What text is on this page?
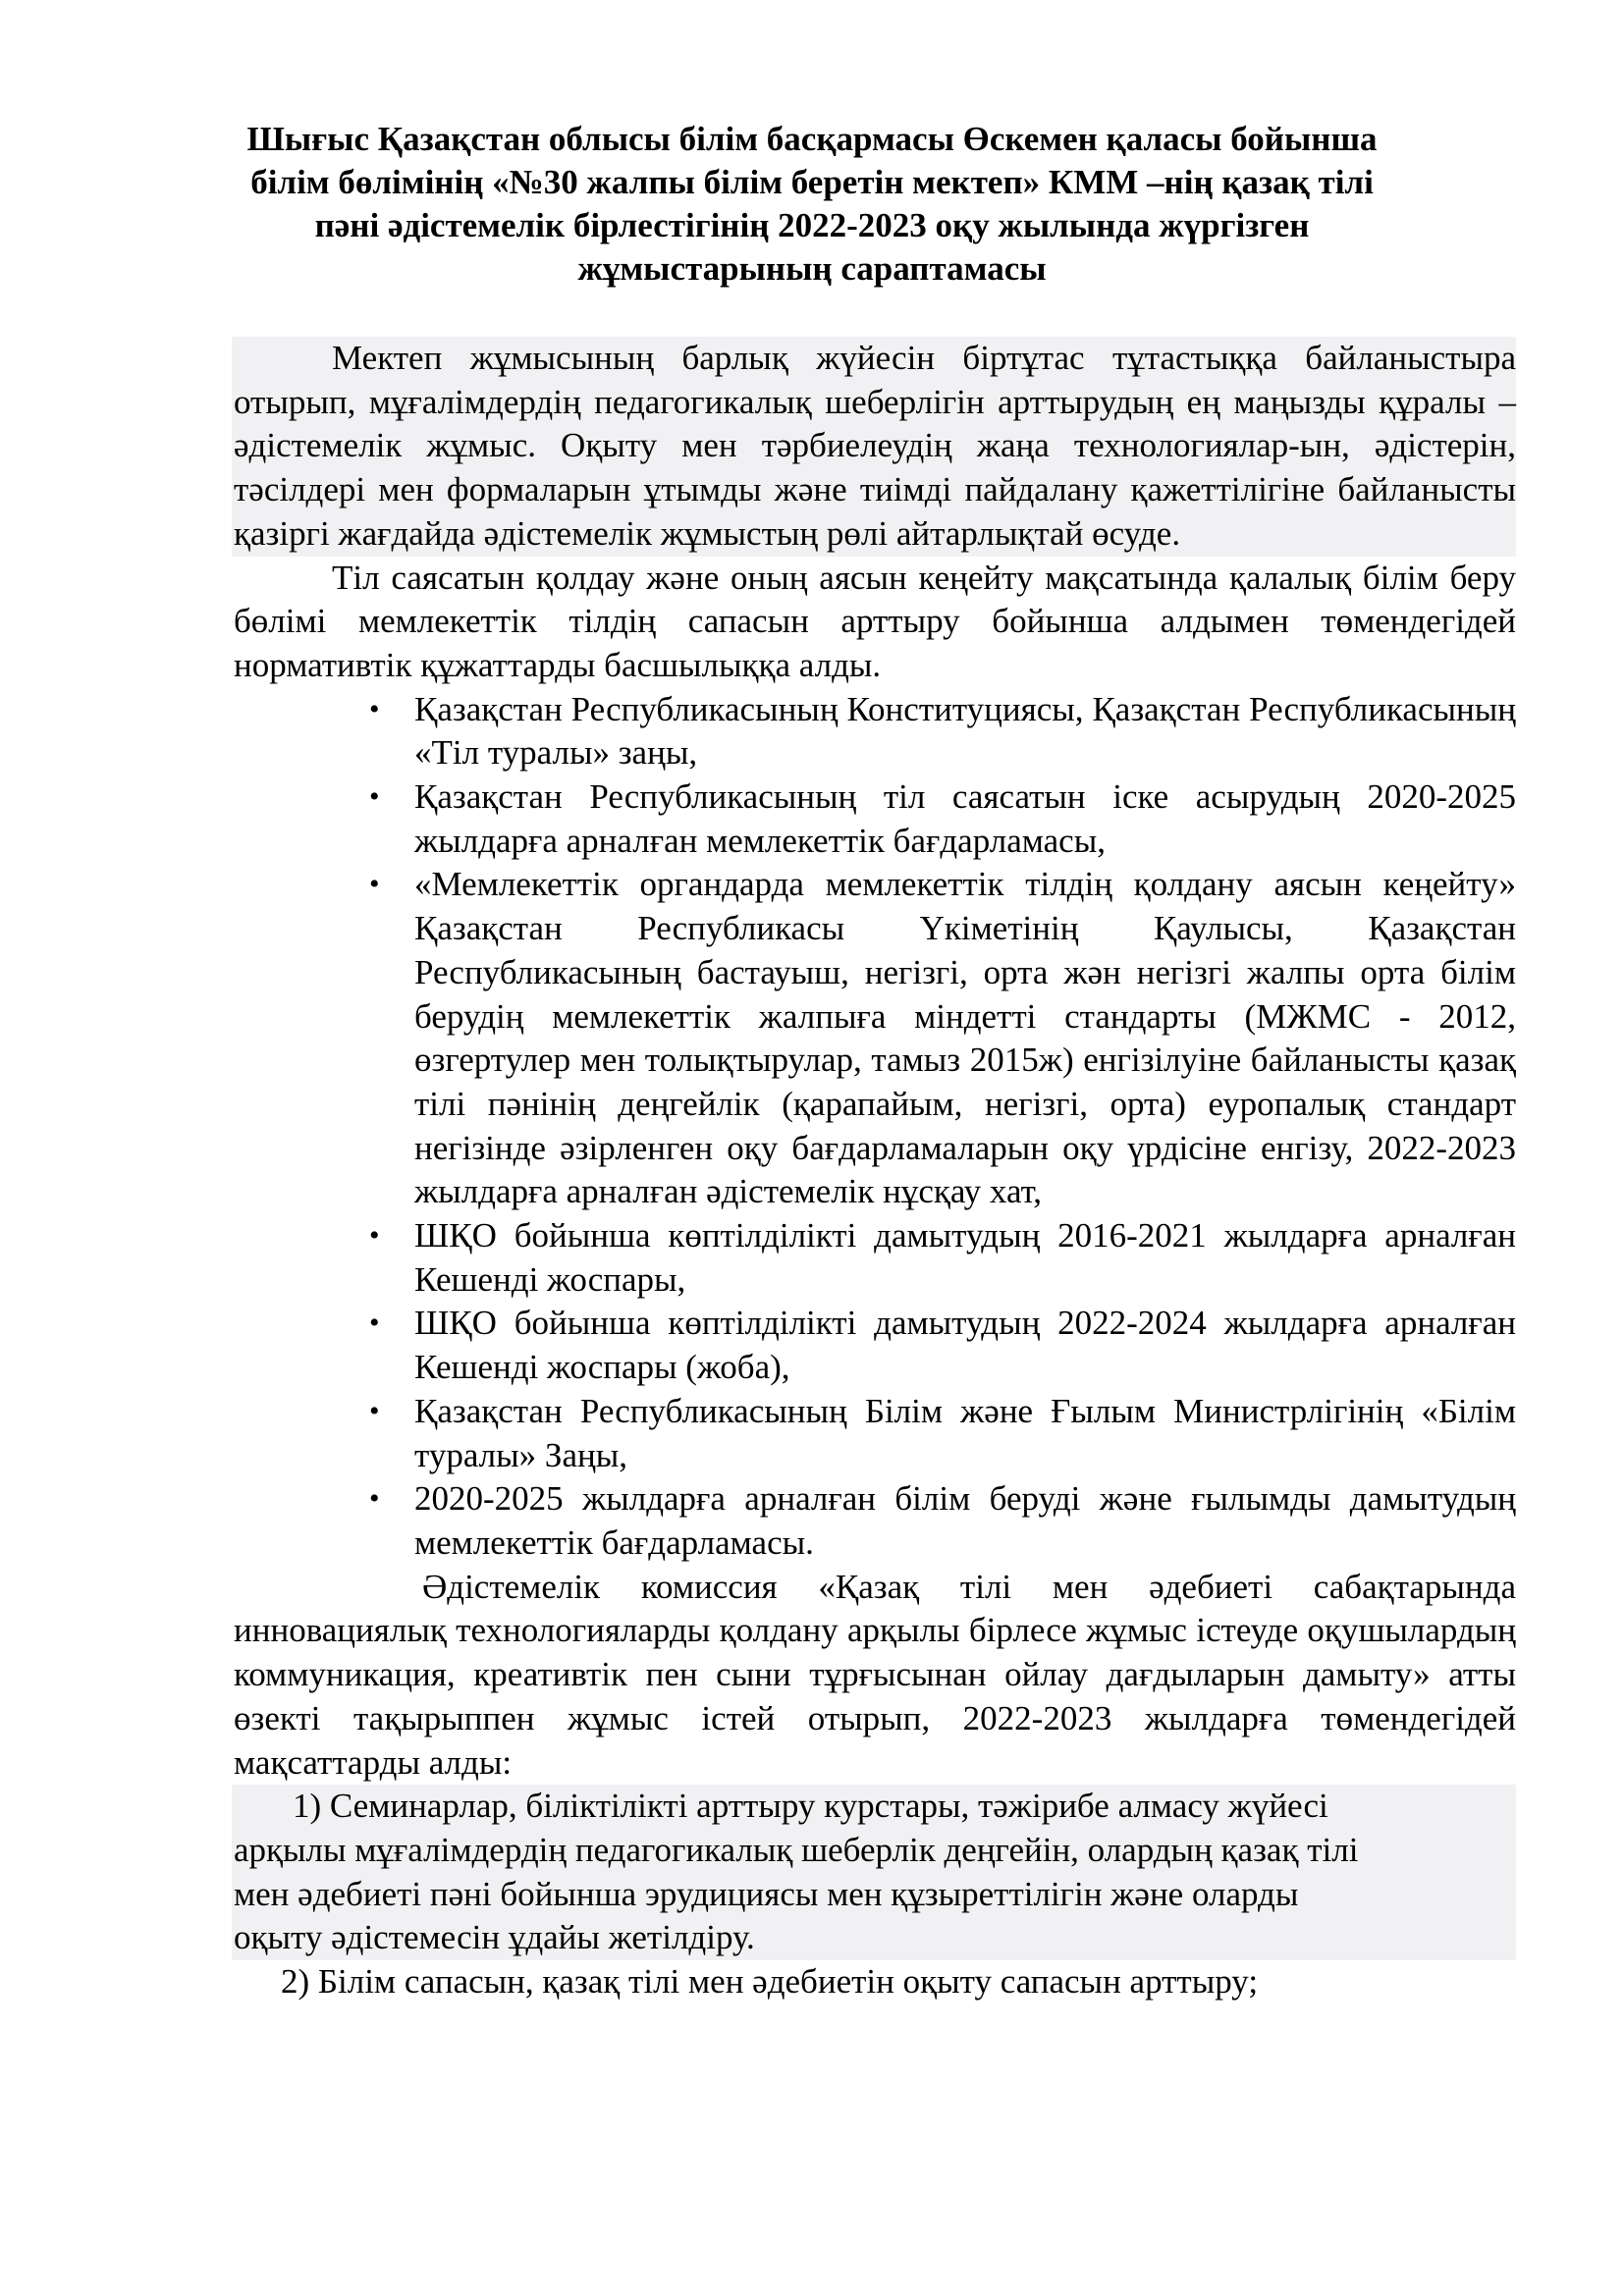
Шығыс Қазақстан облысы білім басқармасы Өскемен қаласы бойынша
білім бөлімінің «№30 жалпы білім беретін мектеп» КММ –нің қазақ тілі
пәні әдістемелік бірлестігінің 2022-2023 оқу жылында жүргізген
жұмыстарының сараптамасы

Мектеп жұмысының барлық жүйесін біртұтас тұтастыққа байланыстыра отырып, мұғалімдердің педагогикалық шеберлігін арттырудың ең маңызды құралы – әдістемелік жұмыс. Оқыту мен тәрбиелеудің жаңа технологиялар-ын, әдістерін, тәсілдері мен формаларын ұтымды және тиімді пайдалану қажеттілігіне байланысты қазіргі жағдайда әдістемелік жұмыстың рөлі айтарлықтай өсуде.

Тіл саясатын қолдау және оның аясын кеңейту мақсатында қалалық білім беру бөлімі мемлекеттік тілдің сапасын арттыру бойынша алдымен төмендегідей нормативтік құжаттарды басшылыққа алды.

• Қазақстан Республикасының Конституциясы, Қазақстан Республикасының «Тіл туралы» заңы,
• Қазақстан Республикасының тіл саясатын іске асырудың 2020-2025 жылдарға арналған мемлекеттік бағдарламасы,
• «Мемлекеттік органдарда мемлекеттік тілдің қолдану аясын кеңейту» Қазақстан Республикасы Үкіметінің Қаулысы, Қазақстан Республикасының бастауыш, негізгі, орта жән негізгі жалпы орта білім берудің мемлекеттік жалпыға міндетті стандарты (МЖМС - 2012, өзгертулер мен толықтырулар, тамыз 2015ж) енгізілуіне байланысты қазақ тілі пәнінің деңгейлік (қарапайым, негізгі, орта) еуропалық стандарт негізінде әзірленген оқу бағдарламаларын оқу үрдісіне енгізу, 2022-2023 жылдарға арналған әдістемелік нұсқау хат,
• ШҚО бойынша көптілділікті дамытудың 2016-2021 жылдарға арналған Кешенді жоспары,
• ШҚО бойынша көптілділікті дамытудың 2022-2024 жылдарға арналған Кешенді жоспары (жоба),
• Қазақстан Республикасының Білім және Ғылым Министрлігінің «Білім туралы» Заңы,
• 2020-2025 жылдарға арналған білім беруді және ғылымды дамытудың мемлекеттік бағдарламасы.

Әдістемелік комиссия «Қазақ тілі мен әдебиеті сабақтарында инновациялық технологияларды қолдану арқылы бірлесе жұмыс істеуде оқушылардың коммуникация, креативтік пен сыни тұрғысынан ойлау дағдыларын дамыту» атты өзекті тақырыппен жұмыс істей отырып, 2022-2023 жылдарға төмендегідей мақсаттарды алды:

1) Семинарлар, біліктілікті арттыру курстары, тәжірибе алмасу жүйесі

арқылы мұғалімдердің педагогикалық шеберлік деңгейін, олардың қазақ тілі

мен әдебиеті пәні бойынша эрудициясы мен құзыреттілігін және оларды

оқыту әдістемесін ұдайы жетілдіру.

2) Білім сапасын, қазақ тілі мен әдебиетін оқыту сапасын арттыру;
